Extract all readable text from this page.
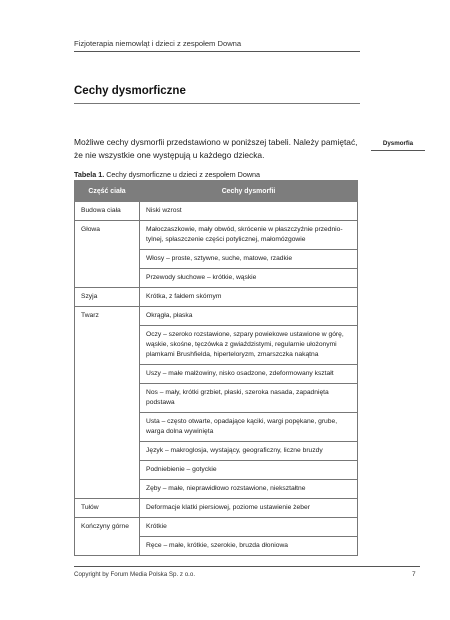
Fizjoterapia niemowląt i dzieci z zespołem Downa
Cechy dysmorficzne

Możliwe cechy dysmorfii przedstawiono w poniższej tabeli. Należy pamiętać, że nie wszystkie one występują u każdego dziecka.

Dysmorfia
Tabela 1. Cechy dysmorficzne u dzieci z zespołem Downa
Część ciała	Cechy dysmorfii
Budowa ciała	Niski wzrost
Głowa	Małoczaszkowie, mały obwód, skrócenie w płaszczyźnie przednio-tylnej, spłaszczenie części potylicznej, małomózgowie
	Włosy – proste, sztywne, suche, matowe, rzadkie
	Przewody słuchowe – krótkie, wąskie
Szyja	Krótka, z fałdem skórnym
Twarz	Okrągła, płaska
	Oczy – szeroko rozstawione, szpary powiekowe ustawione w górę, wąskie, skośne, tęczówka z gwiaździstymi, regularnie ułożonymi plamkami Brushfielda, hiperteloryzm, zmarszczka nakątna
	Uszy – małe małżowiny, nisko osadzone, zdeformowany kształt
	Nos – mały, krótki grzbiet, płaski, szeroka nasada, zapadnięta podstawa
	Usta – często otwarte, opadające kąciki, wargi popękane, grube, warga dolna wywinięta
	Język – makroglosja, wystający, geograficzny, liczne bruzdy
	Podniebienie – gotyckie
	Zęby – małe, nieprawidłowo rozstawione, niekształtne
Tułów	Deformacje klatki piersiowej, poziome ustawienie żeber
Kończyny górne	Krótkie
	Ręce – małe, krótkie, szerokie, bruzda dłoniowa
Copyright by Forum Media Polska Sp. z o.o.	7
